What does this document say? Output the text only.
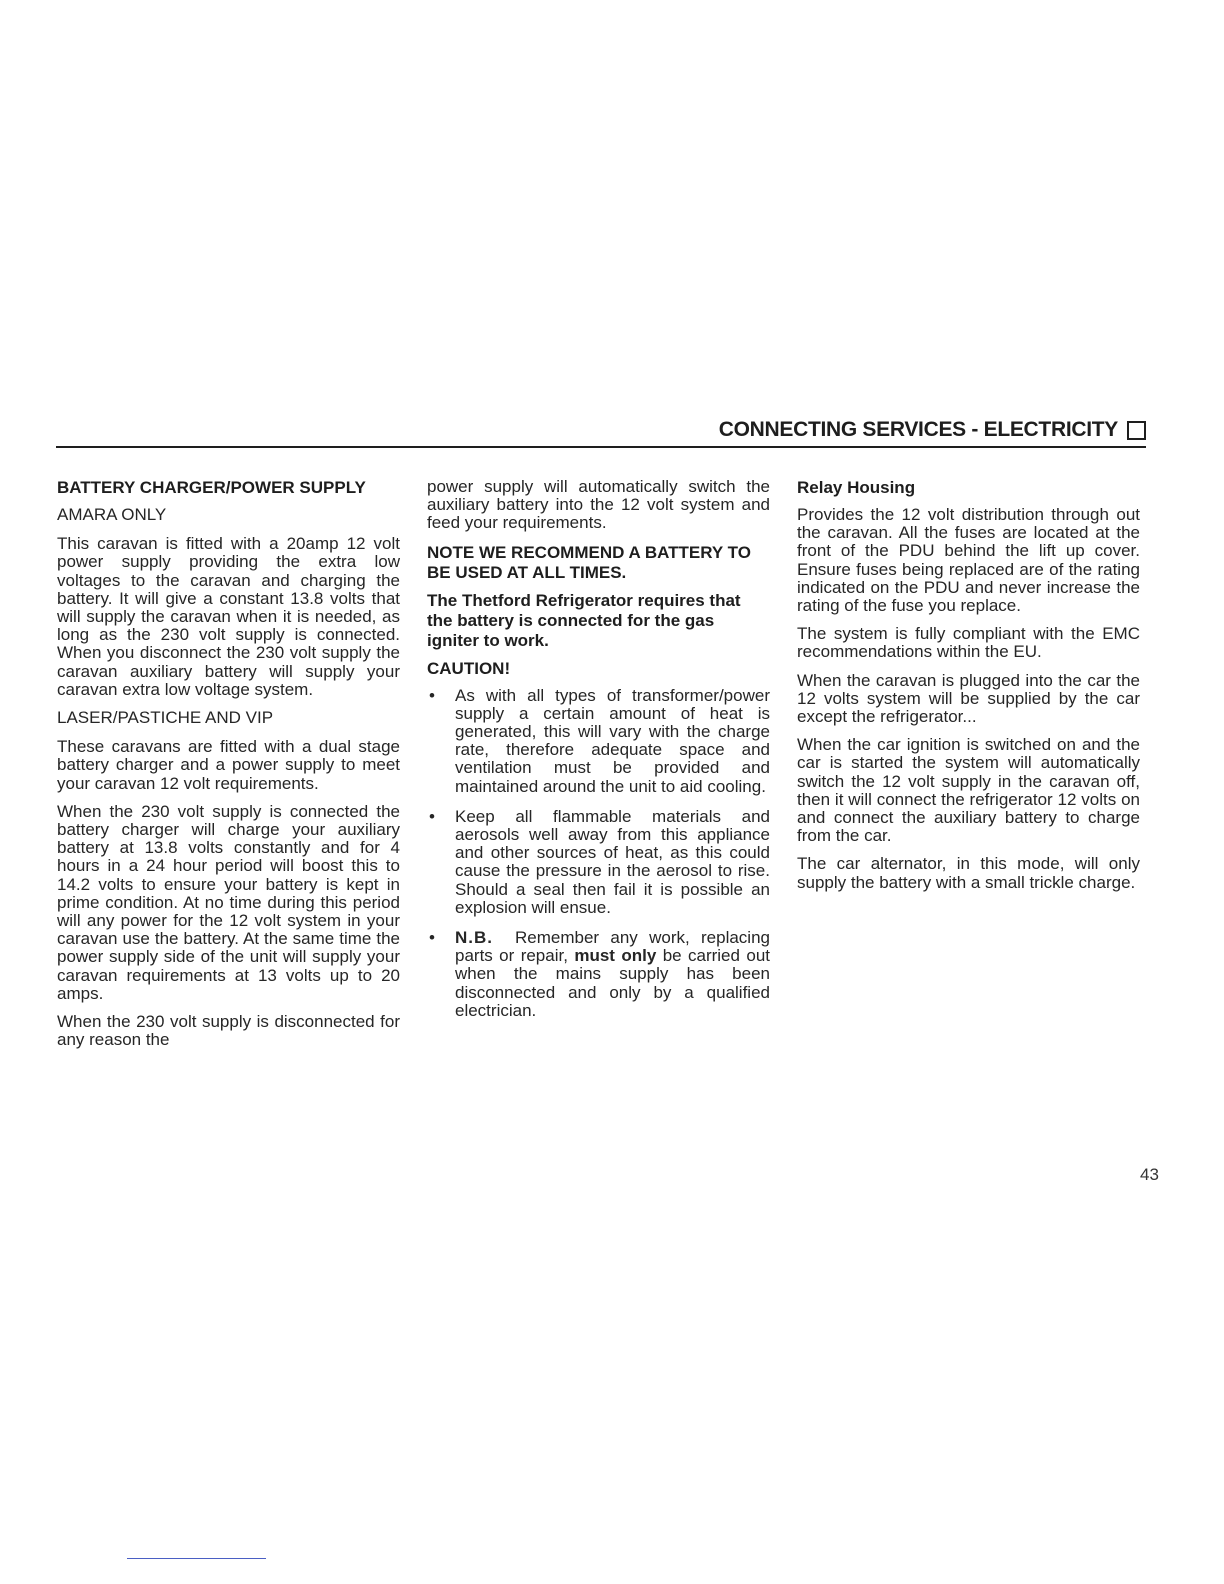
CONNECTING SERVICES - ELECTRICITY

BATTERY CHARGER/POWER SUPPLY

AMARA ONLY

This caravan is fitted with a 20amp 12 volt power supply providing the extra low voltages to the caravan and charging the battery. It will give a constant 13.8 volts that will supply the caravan when it is needed, as long as the 230 volt supply is connected. When you disconnect the 230 volt supply the caravan auxiliary battery will supply your caravan extra low voltage system.

LASER/PASTICHE AND VIP

These caravans are fitted with a dual stage battery charger and a power supply to meet your caravan 12 volt requirements.

When the 230 volt supply is connected the battery charger will charge your auxiliary battery at 13.8 volts constantly and for 4 hours in a 24 hour period will boost this to 14.2 volts to ensure your battery is kept in prime condition. At no time during this period will any power for the 12 volt system in your caravan use the battery. At the same time the power supply side of the unit will supply your caravan requirements at 13 volts up to 20 amps.

When the 230 volt supply is disconnected for any reason the

power supply will automatically switch the auxiliary battery into the 12 volt system and feed your requirements.

NOTE WE RECOMMEND A BATTERY TO BE USED AT ALL TIMES.

The Thetford Refrigerator requires that the battery is connected for the gas igniter to work.

CAUTION!

• As with all types of transformer/power supply a certain amount of heat is generated, this will vary with the charge rate, therefore adequate space and ventilation must be provided and maintained around the unit to aid cooling.
• Keep all flammable materials and aerosols well away from this appliance and other sources of heat, as this could cause the pressure in the aerosol to rise. Should a seal then fail it is possible an explosion will ensue.
• N.B. Remember any work, replacing parts or repair, must only be carried out when the mains supply has been disconnected and only by a qualified electrician.

Relay Housing

Provides the 12 volt distribution through out the caravan. All the fuses are located at the front of the PDU behind the lift up cover. Ensure fuses being replaced are of the rating indicated on the PDU and never increase the rating of the fuse you replace.

The system is fully compliant with the EMC recommendations within the EU.

When the caravan is plugged into the car the 12 volts system will be supplied by the car except the refrigerator...

When the car ignition is switched on and the car is started the system will automatically switch the 12 volt supply in the caravan off, then it will connect the refrigerator 12 volts on and connect the auxiliary battery to charge from the car.

The car alternator, in this mode, will only supply the battery with a small trickle charge.

43
